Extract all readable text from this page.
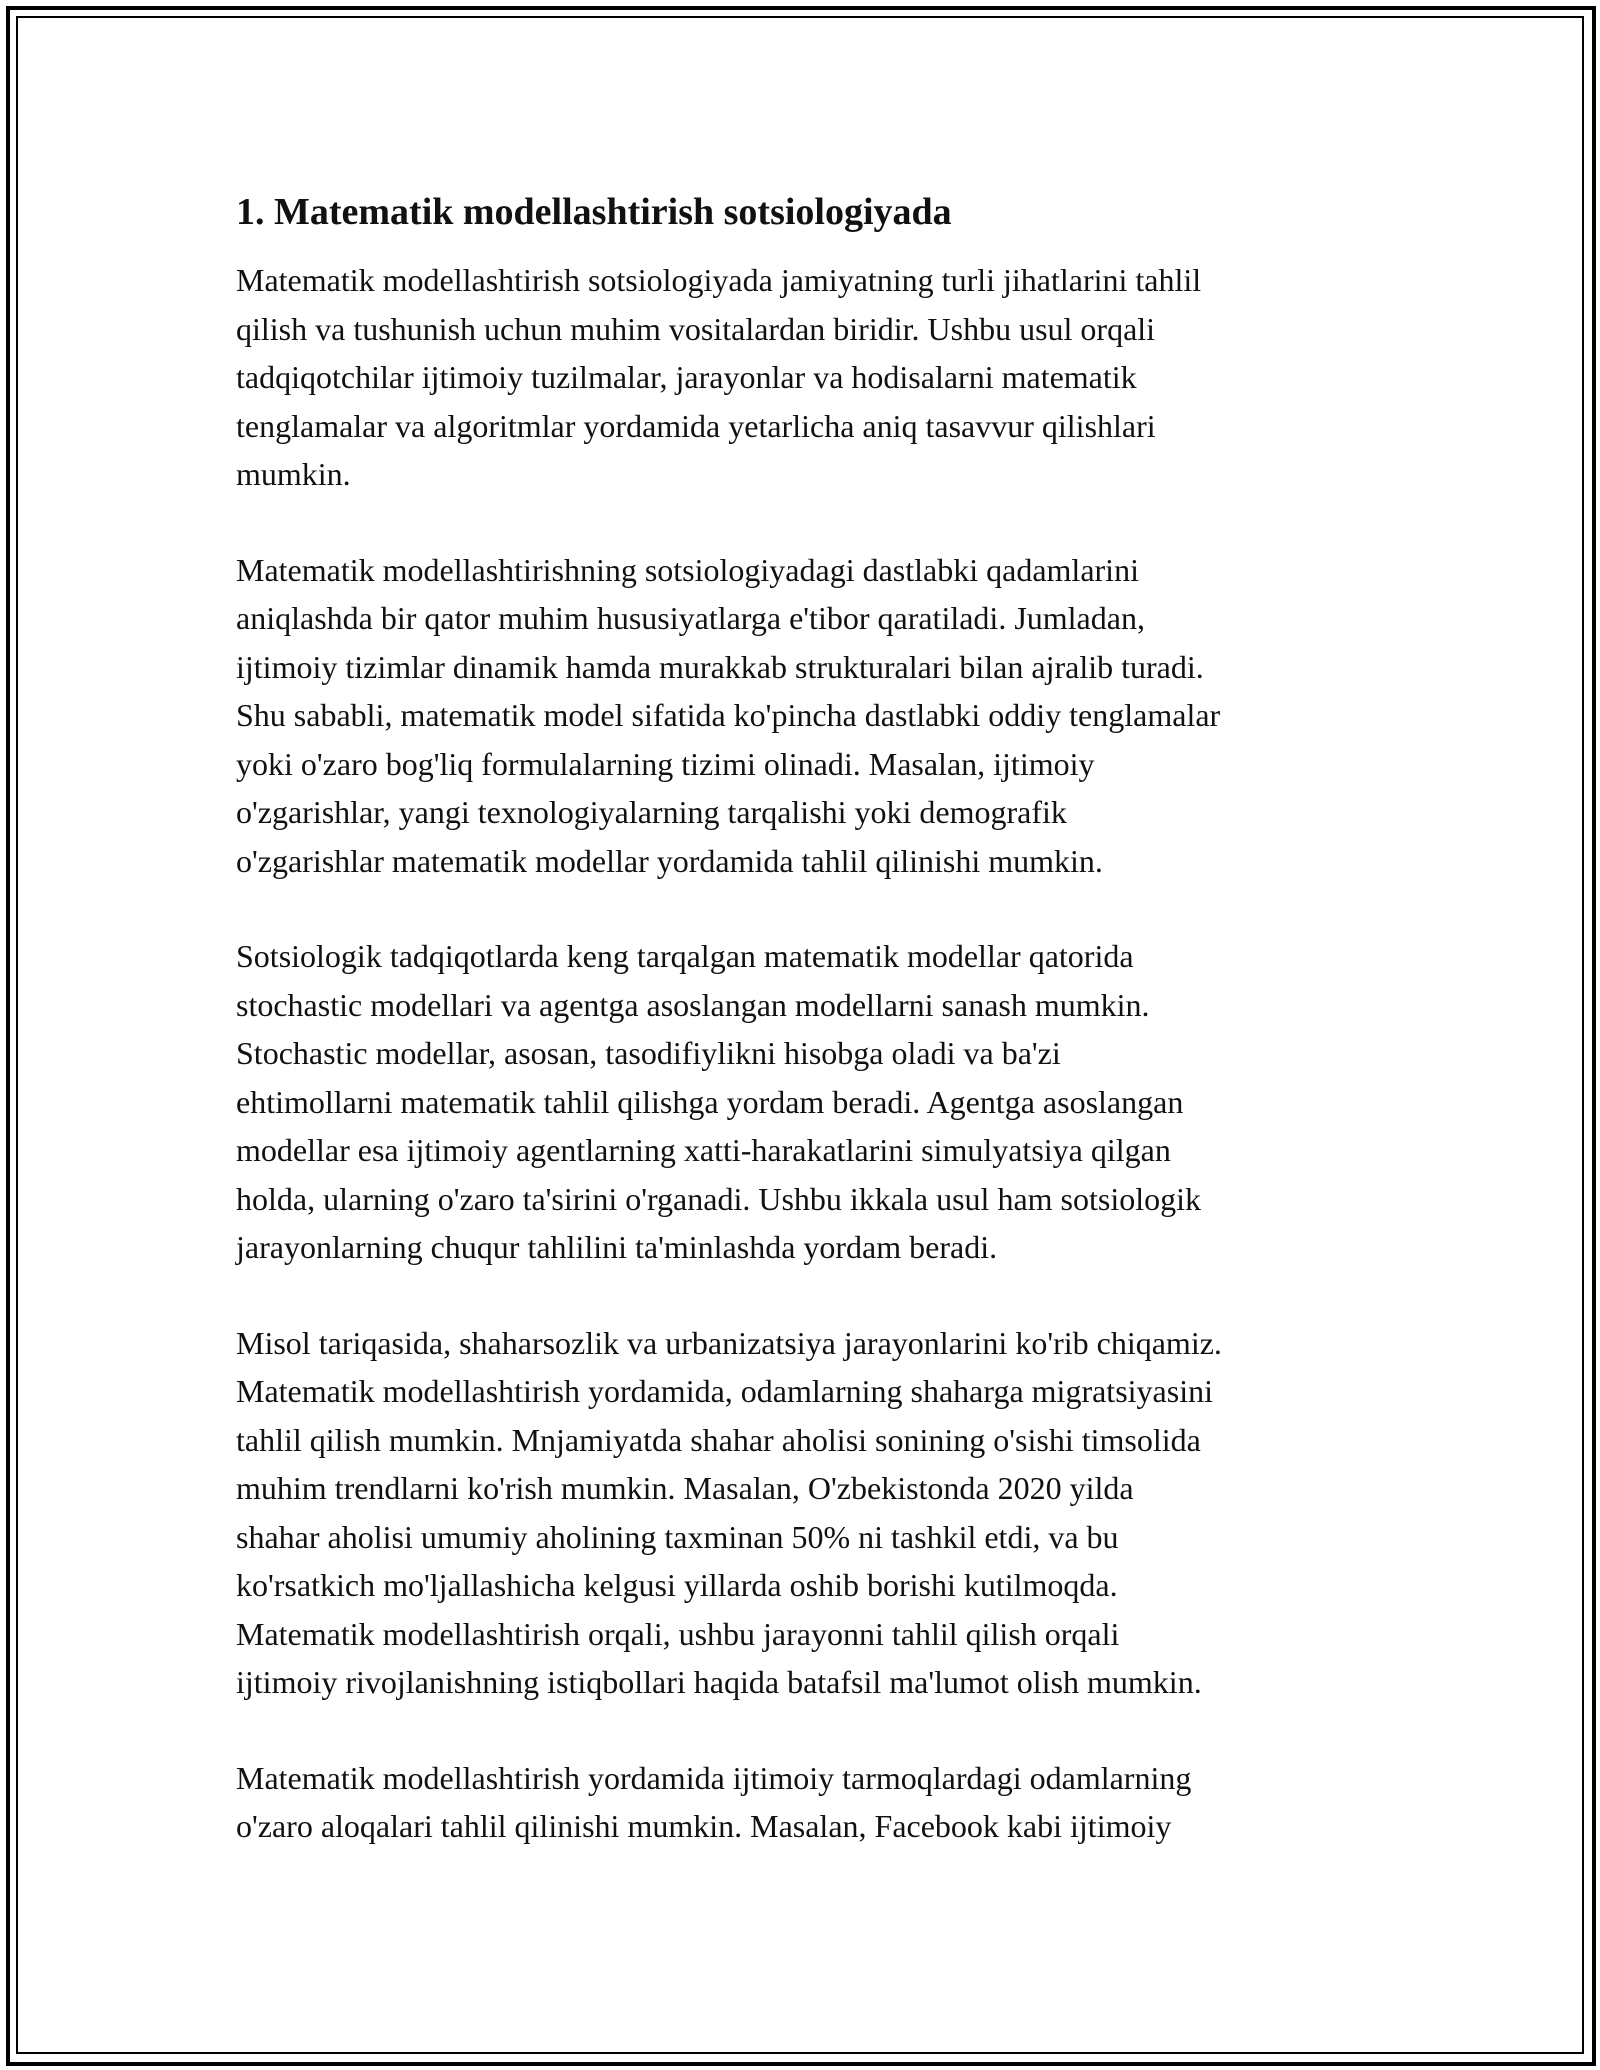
1. Matematik modellashtirish sotsiologiyada
Matematik modellashtirish sotsiologiyada jamiyatning turli jihatlarini tahlil
qilish va tushunish uchun muhim vositalardan biridir. Ushbu usul orqali
tadqiqotchilar ijtimoiy tuzilmalar, jarayonlar va hodisalarni matematik
tenglamalar va algoritmlar yordamida yetarlicha aniq tasavvur qilishlari
mumkin.
Matematik modellashtirishning sotsiologiyadagi dastlabki qadamlarini
aniqlashda bir qator muhim hususiyatlarga e'tibor qaratiladi. Jumladan,
ijtimoiy tizimlar dinamik hamda murakkab strukturalari bilan ajralib turadi.
Shu sababli, matematik model sifatida ko'pincha dastlabki oddiy tenglamalar
yoki o'zaro bog'liq formulalarning tizimi olinadi. Masalan, ijtimoiy
o'zgarishlar, yangi texnologiyalarning tarqalishi yoki demografik
o'zgarishlar matematik modellar yordamida tahlil qilinishi mumkin.
Sotsiologik tadqiqotlarda keng tarqalgan matematik modellar qatorida
stochastic modellari va agentga asoslangan modellarni sanash mumkin.
Stochastic modellar, asosan, tasodifiylikni hisobga oladi va ba'zi
ehtimollarni matematik tahlil qilishga yordam beradi. Agentga asoslangan
modellar esa ijtimoiy agentlarning xatti-harakatlarini simulyatsiya qilgan
holda, ularning o'zaro ta'sirini o'rganadi. Ushbu ikkala usul ham sotsiologik
jarayonlarning chuqur tahlilini ta'minlashda yordam beradi.
Misol tariqasida, shaharsozlik va urbanizatsiya jarayonlarini ko'rib chiqamiz.
Matematik modellashtirish yordamida, odamlarning shaharga migratsiyasini
tahlil qilish mumkin. Mnjamiyatda shahar aholisi sonining o'sishi timsolida
muhim trendlarni ko'rish mumkin. Masalan, O'zbekistonda 2020 yilda
shahar aholisi umumiy aholining taxminan 50% ni tashkil etdi, va bu
ko'rsatkich mo'ljallashicha kelgusi yillarda oshib borishi kutilmoqda.
Matematik modellashtirish orqali, ushbu jarayonni tahlil qilish orqali
ijtimoiy rivojlanishning istiqbollari haqida batafsil ma'lumot olish mumkin.
Matematik modellashtirish yordamida ijtimoiy tarmoqlardagi odamlarning
o'zaro aloqalari tahlil qilinishi mumkin. Masalan, Facebook kabi ijtimoiy
